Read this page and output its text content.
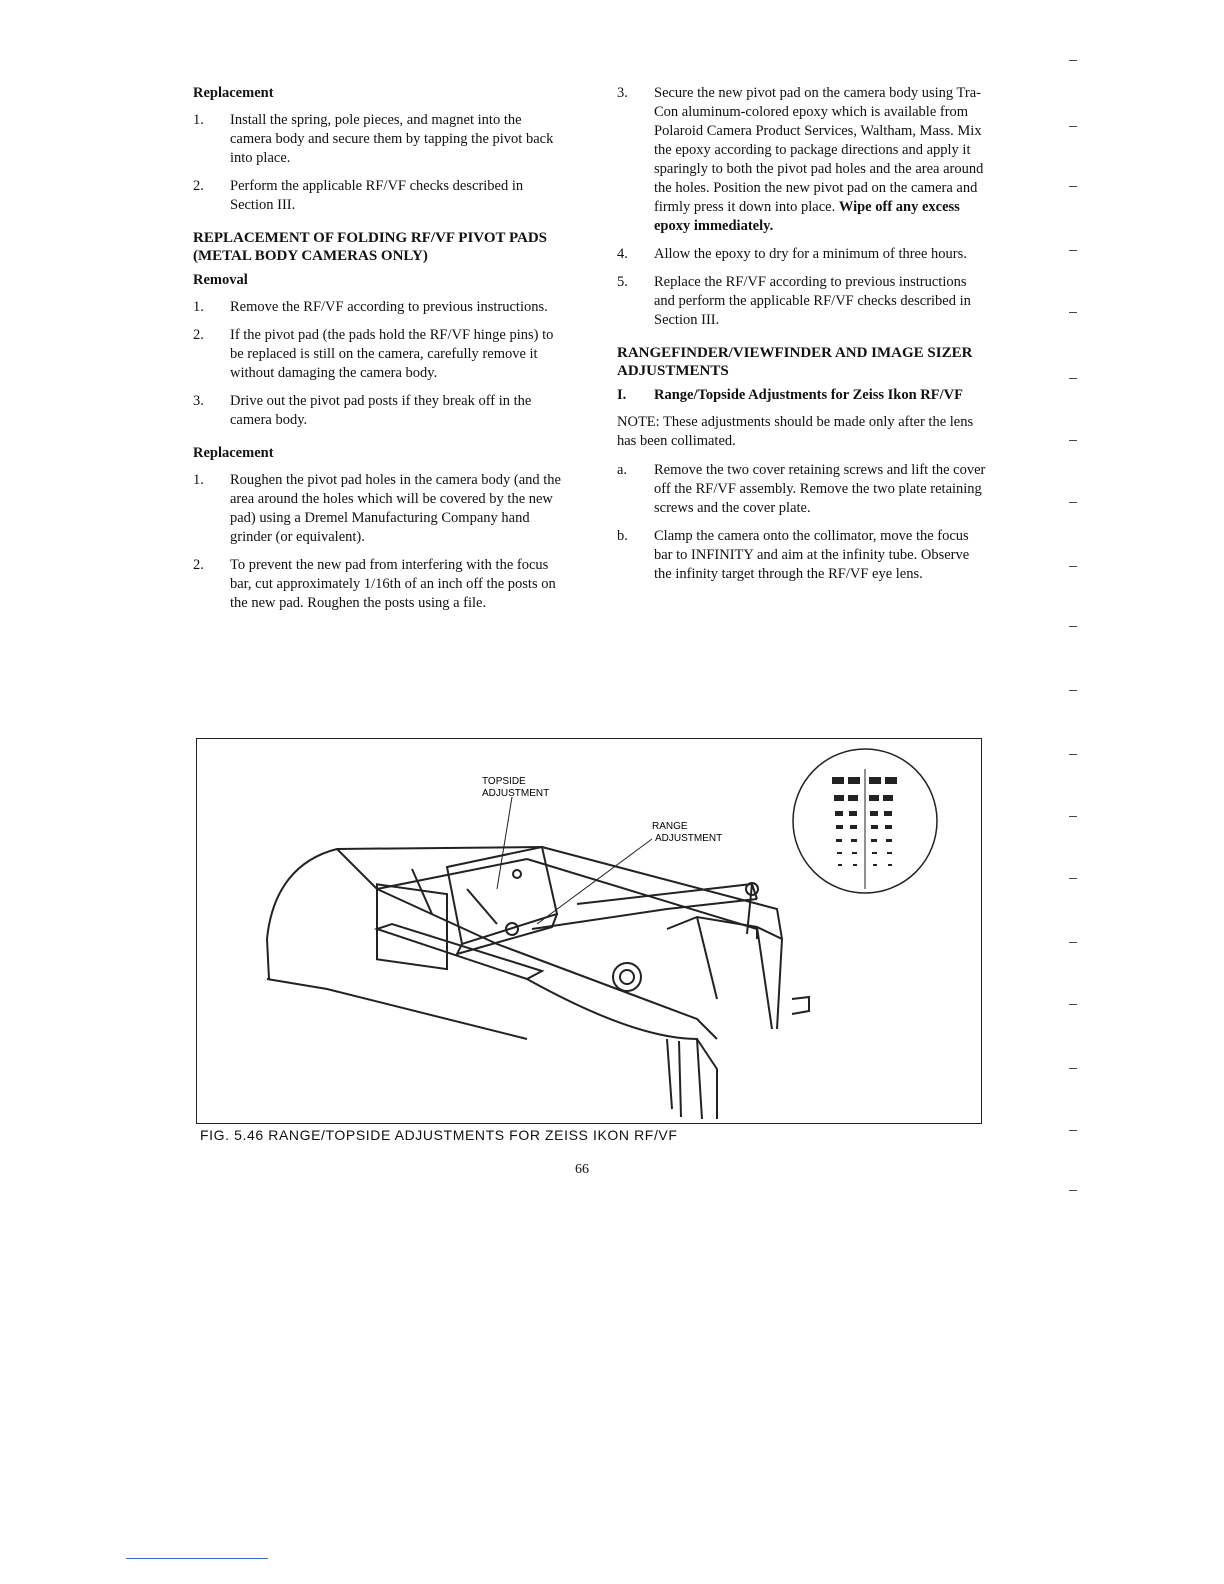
Replacement
1.	Install the spring, pole pieces, and magnet into the camera body and secure them by tapping the pivot back into place.
2.	Perform the applicable RF/VF checks described in Section III.
REPLACEMENT OF FOLDING RF/VF PIVOT PADS (METAL BODY CAMERAS ONLY)
Removal
1.	Remove the RF/VF according to previous instructions.
2.	If the pivot pad (the pads hold the RF/VF hinge pins) to be replaced is still on the camera, carefully remove it without damaging the camera body.
3.	Drive out the pivot pad posts if they break off in the camera body.
Replacement
1.	Roughen the pivot pad holes in the camera body (and the area around the holes which will be covered by the new pad) using a Dremel Manufacturing Company hand grinder (or equivalent).
2.	To prevent the new pad from interfering with the focus bar, cut approximately 1/16th of an inch off the posts on the new pad. Roughen the posts using a file.
3.	Secure the new pivot pad on the camera body using Tra-Con aluminum-colored epoxy which is available from Polaroid Camera Product Services, Waltham, Mass. Mix the epoxy according to package directions and apply it sparingly to both the pivot pad holes and the area around the holes. Position the new pivot pad on the camera and firmly press it down into place. Wipe off any excess epoxy immediately.
4.	Allow the epoxy to dry for a minimum of three hours.
5.	Replace the RF/VF according to previous instructions and perform the applicable RF/VF checks described in Section III.
RANGEFINDER/VIEWFINDER AND IMAGE SIZER ADJUSTMENTS
I.	Range/Topside Adjustments for Zeiss Ikon RF/VF
NOTE: These adjustments should be made only after the lens has been collimated.
a.	Remove the two cover retaining screws and lift the cover off the RF/VF assembly. Remove the two plate retaining screws and the cover plate.
b.	Clamp the camera onto the collimator, move the focus bar to INFINITY and aim at the infinity tube. Observe the infinity target through the RF/VF eye lens.
TOPSIDE
ADJUSTMENT
RANGE
ADJUSTMENT
FIG. 5.46 RANGE/TOPSIDE ADJUSTMENTS FOR ZEISS IKON RF/VF
66
